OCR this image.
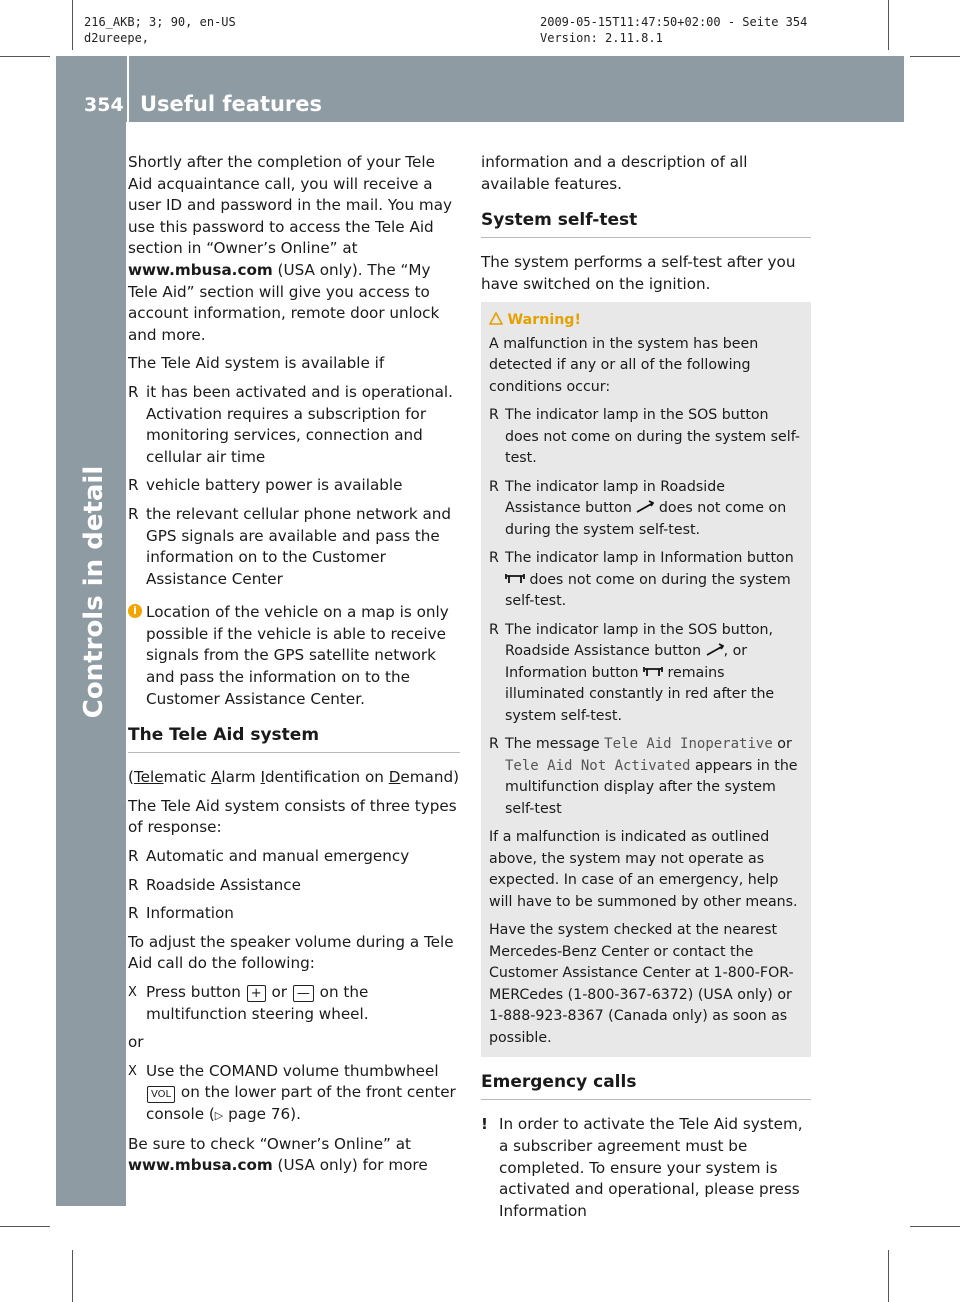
216_AKB; 3; 90, en-US
d2ureepe,
2009-05-15T11:47:50+02:00 - Seite 354
Version: 2.11.8.1
354 Useful features
Controls in detail

Shortly after the completion of your Tele Aid acquaintance call, you will receive a user ID and password in the mail. You may use this password to access the Tele Aid section in “Owner’s Online” at www.mbusa.com (USA only). The “My Tele Aid” section will give you access to account information, remote door unlock and more.

The Tele Aid system is available if

R it has been activated and is operational. Activation requires a subscription for monitoring services, connection and cellular air time
R vehicle battery power is available
R the relevant cellular phone network and GPS signals are available and pass the information on to the Customer Assistance Center
i Location of the vehicle on a map is only possible if the vehicle is able to receive signals from the GPS satellite network and pass the information on to the Customer Assistance Center.
The Tele Aid system

(Telematic Alarm Identification on Demand)

The Tele Aid system consists of three types of response:

R Automatic and manual emergency
R Roadside Assistance
R Information

To adjust the speaker volume during a Tele Aid call do the following:

X Press button + or — on the multifunction steering wheel.

or

X Use the COMAND volume thumbwheel VOL on the lower part of the front center console (▷ page 76).

Be sure to check “Owner’s Online” at www.mbusa.com (USA only) for more

information and a description of all available features.

System self-test

The system performs a self-test after you have switched on the ignition.

Warning!

A malfunction in the system has been detected if any or all of the following conditions occur:

R The indicator lamp in the SOS button does not come on during the system self-test.
R The indicator lamp in Roadside Assistance button  does not come on during the system self-test.
R The indicator lamp in Information button  does not come on during the system self-test.
R The indicator lamp in the SOS button, Roadside Assistance button , or Information button  remains illuminated constantly in red after the system self-test.
R The message Tele Aid Inoperative or Tele Aid Not Activated appears in the multifunction display after the system self-test

If a malfunction is indicated as outlined above, the system may not operate as expected. In case of an emergency, help will have to be summoned by other means.

Have the system checked at the nearest Mercedes-Benz Center or contact the Customer Assistance Center at 1-800-FOR-MERCedes (1-800-367-6372) (USA only) or 1-888-923-8367 (Canada only) as soon as possible.

Emergency calls
! In order to activate the Tele Aid system, a subscriber agreement must be completed. To ensure your system is activated and operational, please press Information
